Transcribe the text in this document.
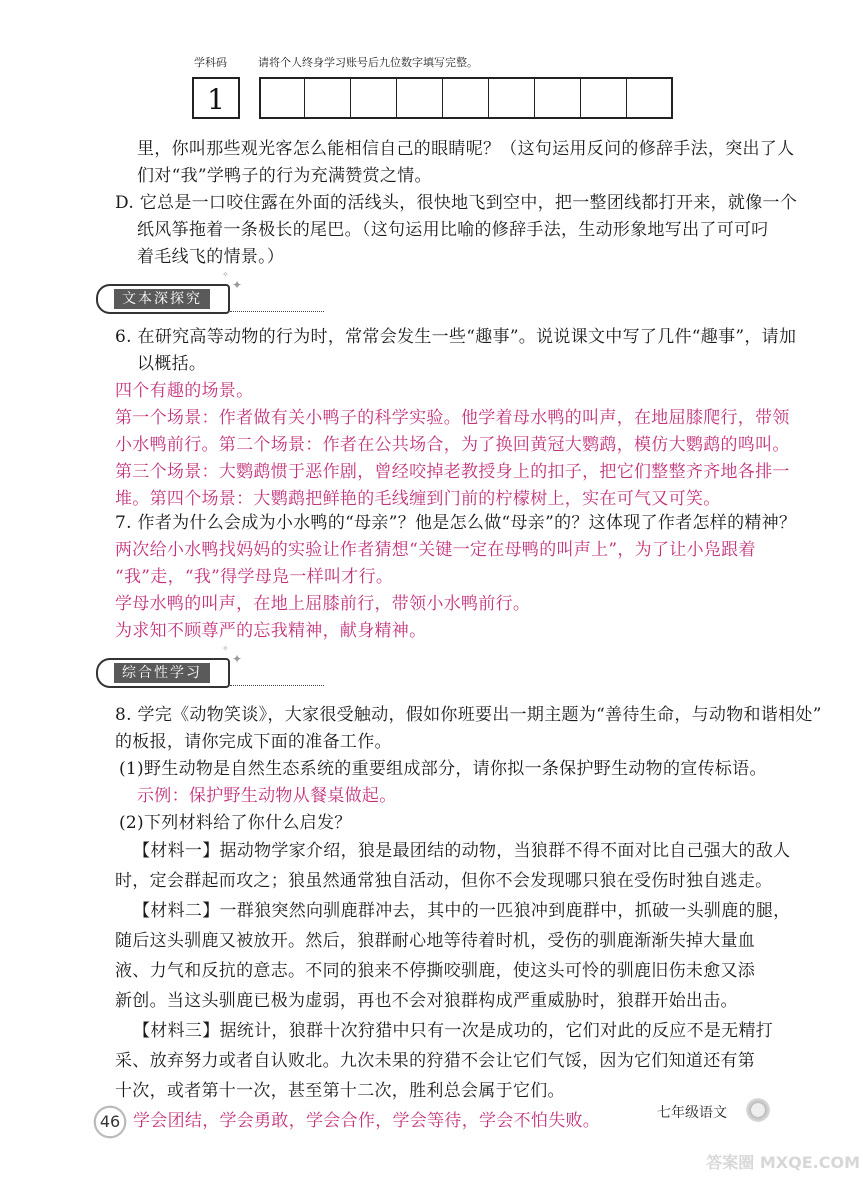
学科码	请将个人终身学习账号后九位数字填写完整。
1
里，你叫那些观光客怎么能相信自己的眼睛呢？（这句运用反问的修辞手法，突出了人
们对“我”学鸭子的行为充满赞赏之情。
D. 它总是一口咬住露在外面的活线头，很快地飞到空中，把一整团线都打开来，就像一个
纸风筝拖着一条极长的尾巴。（这句运用比喻的修辞手法，生动形象地写出了可可叼
着毛线飞的情景。）
文本深探究
✦
✧
6. 在研究高等动物的行为时，常常会发生一些“趣事”。说说课文中写了几件“趣事”，请加
以概括。
四个有趣的场景。
第一个场景：作者做有关小鸭子的科学实验。他学着母水鸭的叫声，在地屈膝爬行，带领
小水鸭前行。第二个场景：作者在公共场合，为了换回黄冠大鹦鹉，模仿大鹦鹉的鸣叫。
第三个场景：大鹦鹉惯于恶作剧，曾经咬掉老教授身上的扣子，把它们整整齐齐地各排一
堆。第四个场景：大鹦鹉把鲜艳的毛线缠到门前的柠檬树上，实在可气又可笑。
7. 作者为什么会成为小水鸭的“母亲”？他是怎么做“母亲”的？这体现了作者怎样的精神？
两次给小水鸭找妈妈的实验让作者猜想“关键一定在母鸭的叫声上”，为了让小凫跟着
“我”走，“我”得学母凫一样叫才行。
学母水鸭的叫声，在地上屈膝前行，带领小水鸭前行。
为求知不顾尊严的忘我精神，献身精神。
综合性学习
✦
✧
8. 学完《动物笑谈》，大家很受触动，假如你班要出一期主题为“善待生命，与动物和谐相处”
的板报，请你完成下面的准备工作。
(1)野生动物是自然生态系统的重要组成部分，请你拟一条保护野生动物的宣传标语。
示例：保护野生动物从餐桌做起。
(2)下列材料给了你什么启发？
【材料一】据动物学家介绍，狼是最团结的动物，当狼群不得不面对比自己强大的敌人
时，定会群起而攻之；狼虽然通常独自活动，但你不会发现哪只狼在受伤时独自逃走。
【材料二】一群狼突然向驯鹿群冲去，其中的一匹狼冲到鹿群中，抓破一头驯鹿的腿，
随后这头驯鹿又被放开。然后，狼群耐心地等待着时机，受伤的驯鹿渐渐失掉大量血
液、力气和反抗的意志。不同的狼来不停撕咬驯鹿，使这头可怜的驯鹿旧伤未愈又添
新创。当这头驯鹿已极为虚弱，再也不会对狼群构成严重威胁时，狼群开始出击。
【材料三】据统计，狼群十次狩猎中只有一次是成功的，它们对此的反应不是无精打
采、放弃努力或者自认败北。九次未果的狩猎不会让它们气馁，因为它们知道还有第
十次，或者第十一次，甚至第十二次，胜利总会属于它们。
学会团结，学会勇敢，学会合作，学会等待，学会不怕失败。
46	七年级语文
答案圈 MXQE.COM
